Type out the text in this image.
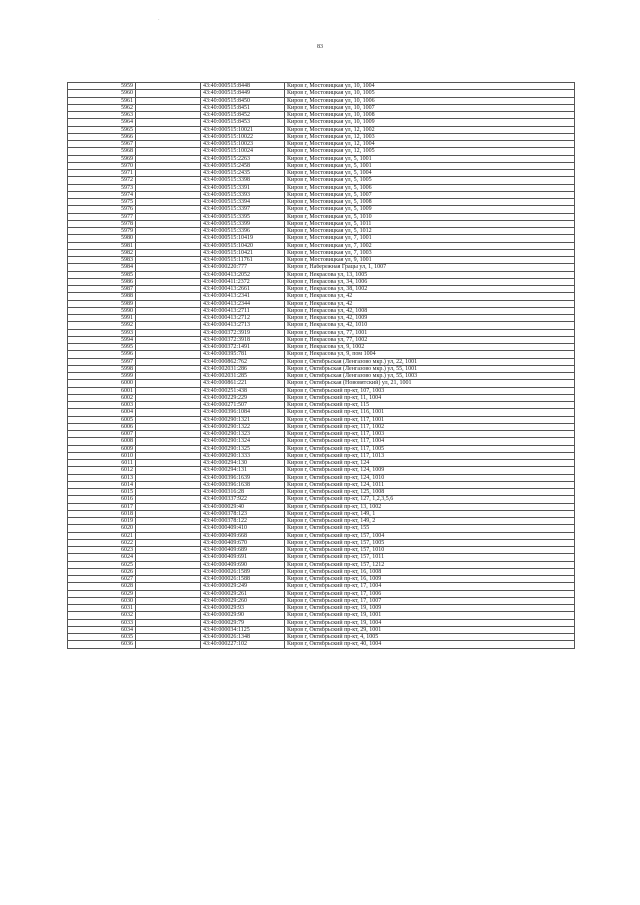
83
·
5959		43:40:000515:8448	Киров г, Мостовицкая ул, 10, 1004
5960		43:40:000515:8449	Киров г, Мостовицкая ул, 10, 1005
5961		43:40:000515:8450	Киров г, Мостовицкая ул, 10, 1006
5962		43:40:000515:8451	Киров г, Мостовицкая ул, 10, 1007
5963		43:40:000515:8452	Киров г, Мостовицкая ул, 10, 1008
5964		43:40:000515:8453	Киров г, Мостовицкая ул, 10, 1009
5965		43:40:000515:10021	Киров г, Мостовицкая ул, 12, 1002
5966		43:40:000515:10022	Киров г, Мостовицкая ул, 12, 1003
5967		43:40:000515:10023	Киров г, Мостовицкая ул, 12, 1004
5968		43:40:000515:10024	Киров г, Мостовицкая ул, 12, 1005
5969		43:40:000515:2263	Киров г, Мостовицкая ул, 5, 1001
5970		43:40:000515:2458	Киров г, Мостовицкая ул, 5, 1001
5971		43:40:000515:2435	Киров г, Мостовицкая ул, 5, 1004
5972		43:40:000515:3398	Киров г, Мостовицкая ул, 5, 1005
5973		43:40:000515:3391	Киров г, Мостовицкая ул, 5, 1006
5974		43:40:000515:3393	Киров г, Мостовицкая ул, 5, 1007
5975		43:40:000515:3394	Киров г, Мостовицкая ул, 5, 1008
5976		43:40:000515:3397	Киров г, Мостовицкая ул, 5, 1009
5977		43:40:000515:3395	Киров г, Мостовицкая ул, 5, 1010
5978		43:40:000515:3399	Киров г, Мостовицкая ул, 5, 1011
5979		43:40:000515:3396	Киров г, Мостовицкая ул, 5, 1012
5980		43:40:000515:10419	Киров г, Мостовицкая ул, 7, 1001
5981		43:40:000515:10420	Киров г, Мостовицкая ул, 7, 1002
5982		43:40:000515:10421	Киров г, Мостовицкая ул, 7, 1003
5983		43:40:000515:11761	Киров г, Мостовицкая ул, 9, 1001
5984		43:40:000220:777	Киров г, Набережная Грацы ул, 1, 1007
5985		43:40:000413:2052	Киров г, Некрасова ул, 13, 1005
5986		43:40:000411:2372	Киров г, Некрасова ул, 34, 1006
5987		43:40:000413:2661	Киров г, Некрасова ул, 38, 1002
5988		43:40:000413:2341	Киров г, Некрасова ул, 42
5989		43:40:000413:2344	Киров г, Некрасова ул, 42
5990		43:40:000413:2711	Киров г, Некрасова ул, 42, 1008
5991		43:40:000413:2712	Киров г, Некрасова ул, 42, 1009
5992		43:40:000413:2713	Киров г, Некрасова ул, 42, 1010
5993		43:40:000372:3919	Киров г, Некрасова ул, 77, 1001
5994		43:40:000372:3918	Киров г, Некрасова ул, 77, 1002
5995		43:40:000372:1491	Киров г, Некрасова ул, 9, 1002
5996		43:40:000395:781	Киров г, Некрасова ул, 9, пом 1004
5997		43:40:000862:762	Киров г, Октябрьская (Ленгазово мкр.) ул, 22, 1001
5998		43:40:002031:286	Киров г, Октябрьская (Ленгазово мкр.) ул, 55, 1001
5999		43:40:002031:285	Киров г, Октябрьская (Ленгазово мкр.) ул, 55, 1003
6000		43:40:000861:221	Киров г, Октябрьская (Нововятский) ул, 21, 1001
6001		43:40:000251:438	Киров г, Октябрьский пр-кт, 107, 1003
6002		43:40:000229:229	Киров г, Октябрьский пр-кт, 11, 1004
6003		43:40:000271:507	Киров г, Октябрьский пр-кт, 115
6004		43:40:000396:1084	Киров г, Октябрьский пр-кт, 116, 1001
6005		43:40:000290:1321	Киров г, Октябрьский пр-кт, 117, 1001
6006		43:40:000290:1322	Киров г, Октябрьский пр-кт, 117, 1002
6007		43:40:000290:1323	Киров г, Октябрьский пр-кт, 117, 1003
6008		43:40:000290:1324	Киров г, Октябрьский пр-кт, 117, 1004
6009		43:40:000290:1325	Киров г, Октябрьский пр-кт, 117, 1005
6010		43:40:000290:1333	Киров г, Октябрьский пр-кт, 117, 1013
6011		43:40:000294:130	Киров г, Октябрьский пр-кт, 124
6012		43:40:000294:131	Киров г, Октябрьский пр-кт, 124, 1009
6013		43:40:000396:1639	Киров г, Октябрьский пр-кт, 124, 1010
6014		43:40:000396:1638	Киров г, Октябрьский пр-кт, 124, 1011
6015		43:40:000316:28	Киров г, Октябрьский пр-кт, 125, 1008
6016		43:40:000337:922	Киров г, Октябрьский пр-кт, 127, 1,2,3,5,6
6017		43:40:000029:40	Киров г, Октябрьский пр-кт, 13, 1002
6018		43:40:000378:123	Киров г, Октябрьский пр-кт, 149, 1
6019		43:40:000378:122	Киров г, Октябрьский пр-кт, 149, 2
6020		43:40:000409:410	Киров г, Октябрьский пр-кт, 155
6021		43:40:000409:668	Киров г, Октябрьский пр-кт, 157, 1004
6022		43:40:000409:670	Киров г, Октябрьский пр-кт, 157, 1005
6023		43:40:000409:689	Киров г, Октябрьский пр-кт, 157, 1010
6024		43:40:000409:691	Киров г, Октябрьский пр-кт, 157, 1011
6025		43:40:000409:690	Киров г, Октябрьский пр-кт, 157, 1212
6026		43:40:000026:1589	Киров г, Октябрьский пр-кт, 16, 1008
6027		43:40:000026:1588	Киров г, Октябрьский пр-кт, 16, 1009
6028		43:40:000029:249	Киров г, Октябрьский пр-кт, 17, 1004
6029		43:40:000029:261	Киров г, Октябрьский пр-кт, 17, 1006
6030		43:40:000029:260	Киров г, Октябрьский пр-кт, 17, 1007
6031		43:40:000029:93	Киров г, Октябрьский пр-кт, 19, 1009
6032		43:40:000029:90	Киров г, Октябрьский пр-кт, 19, 1001
6033		43:40:000029:79	Киров г, Октябрьский пр-кт, 19, 1004
6034		43:40:000034:1125	Киров г, Октябрьский пр-кт, 29, 1001
6035		43:40:000026:1348	Киров г, Октябрьский пр-кт, 4, 1005
6036		43:40:000227:102	Киров г, Октябрьский пр-кт, 40, 1004
